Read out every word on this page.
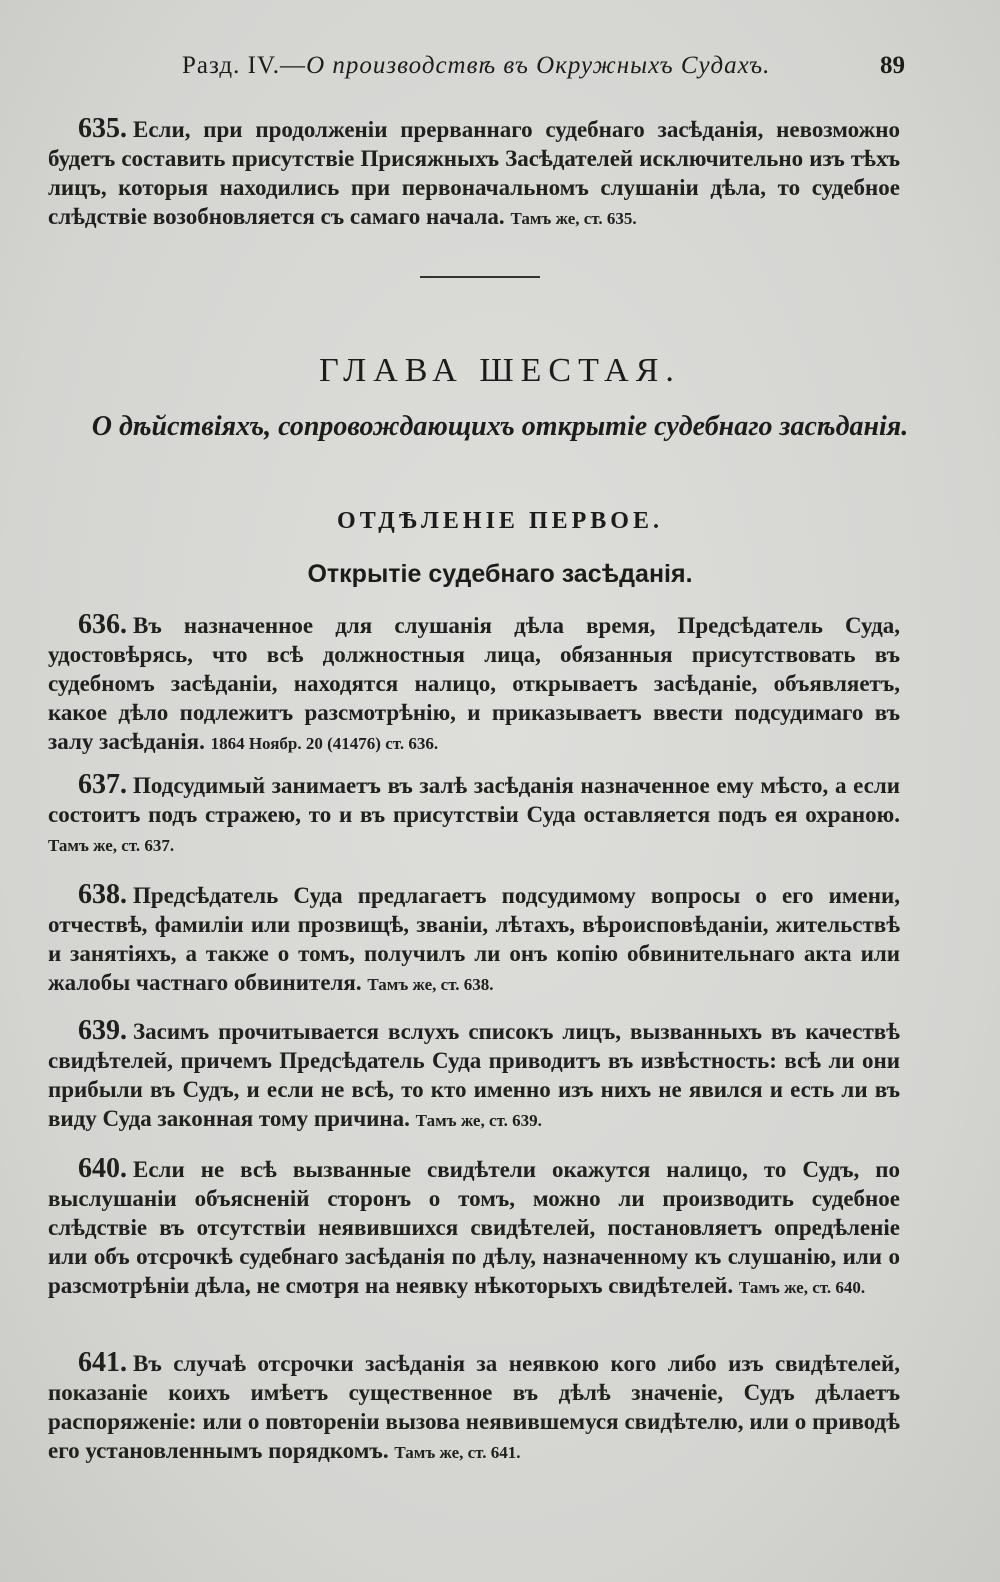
Разд. IV.—О производствѣ въ Окружныхъ Судахъ.	89

635. Если, при продолженіи прерваннаго судебнаго засѣданія, невозможно будетъ составить присутствіе Присяжныхъ Засѣдателей исключительно изъ тѣхъ лицъ, которыя находились при первоначальномъ слушаніи дѣла, то судебное слѣдствіе возобновляется съ самаго начала. Тамъ же, ст. 635.

ГЛАВА ШЕСТАЯ.
О дѣйствіяхъ, сопровождающихъ открытіе судебнаго засѣданія.
ОТДѢЛЕНІЕ ПЕРВОЕ.
Открытіе судебнаго засѣданія.

636. Въ назначенное для слушанія дѣла время, Предсѣдатель Суда, удостовѣрясь, что всѣ должностныя лица, обязанныя присутствовать въ судебномъ засѣданіи, находятся налицо, открываетъ засѣданіе, объявляетъ, какое дѣло подлежитъ разсмотрѣнію, и приказываетъ ввести подсудимаго въ залу засѣданія. 1864 Ноябр. 20 (41476) ст. 636.

637. Подсудимый занимаетъ въ залѣ засѣданія назначенное ему мѣсто, а если состоитъ подъ стражею, то и въ присутствіи Суда оставляется подъ ея охраною. Тамъ же, ст. 637.

638. Предсѣдатель Суда предлагаетъ подсудимому вопросы о его имени, отчествѣ, фамиліи или прозвищѣ, званіи, лѣтахъ, вѣроисповѣданіи, жительствѣ и занятіяхъ, а также о томъ, получилъ ли онъ копію обвинительнаго акта или жалобы частнаго обвинителя. Тамъ же, ст. 638.

639. Засимъ прочитывается вслухъ списокъ лицъ, вызванныхъ въ качествѣ свидѣтелей, причемъ Предсѣдатель Суда приводитъ въ извѣстность: всѣ ли они прибыли въ Судъ, и если не всѣ, то кто именно изъ нихъ не явился и есть ли въ виду Суда законная тому причина. Тамъ же, ст. 639.

640. Если не всѣ вызванные свидѣтели окажутся налицо, то Судъ, по выслушаніи объясненій сторонъ о томъ, можно ли производить судебное слѣдствіе въ отсутствіи неявившихся свидѣтелей, постановляетъ опредѣленіе или объ отсрочкѣ судебнаго засѣданія по дѣлу, назначенному къ слушанію, или о разсмотрѣніи дѣла, не смотря на неявку нѣкоторыхъ свидѣтелей. Тамъ же, ст. 640.

641. Въ случаѣ отсрочки засѣданія за неявкою кого либо изъ свидѣтелей, показаніе коихъ имѣетъ существенное въ дѣлѣ значеніе, Судъ дѣлаетъ распоряженіе: или о повтореніи вызова неявившемуся свидѣтелю, или о приводѣ его установленнымъ порядкомъ. Тамъ же, ст. 641.
